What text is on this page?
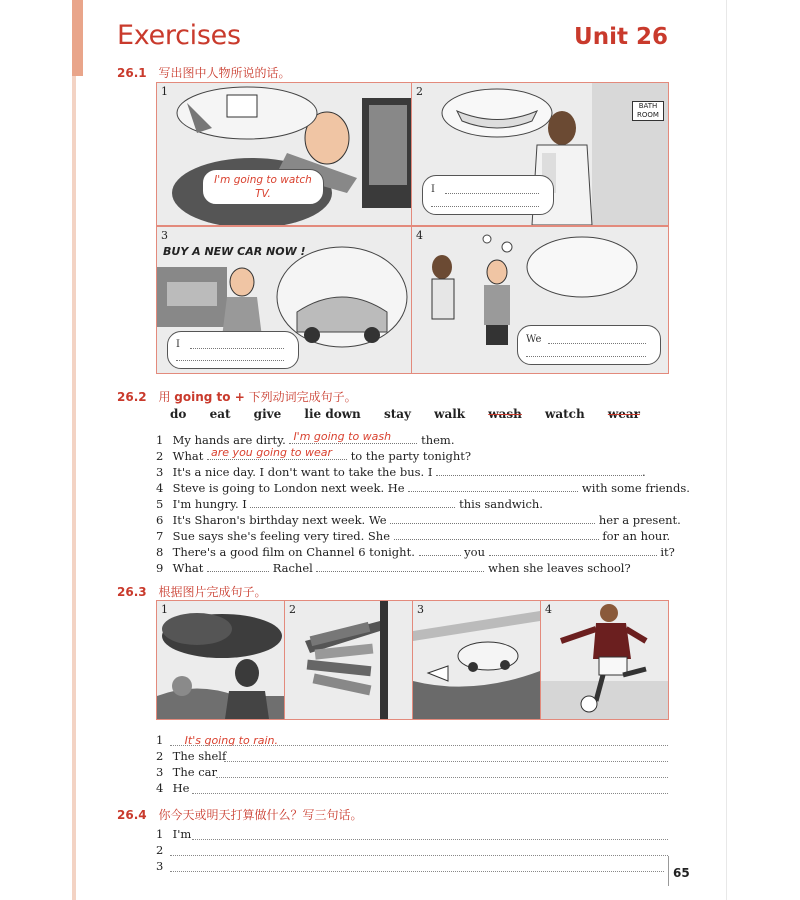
Exercises	Unit 26
26.1 写出图中人物所说的话。
1
I'm going to watch TV.
2
BATH ROOM
I
3
BUY A NEW CAR NOW !
I
4
We
26.2 用 going to + 下列动词完成句子。
do eat give lie down stay walk wash watch wear
1 My hands are dirty. I'm going to wash	them.
2 What are you going to wear to the party tonight?
3 It's a nice day. I don't want to take the bus. I	.
4 Steve is going to London next week. He	with some friends.
5 I'm hungry. I	this sandwich.
6 It's Sharon's birthday next week. We	her a present.
7 Sue says she's feeling very tired. She	for an hour.
8 There's a good film on Channel 6 tonight.	you	it?
9 What	Rachel	when she leaves school?
26.3 根据图片完成句子。
1	2	3	4
1 It's going to rain.
2 The shelf
3 The car
4 He
26.4 你今天或明天打算做什么？写三句话。
1 I'm
2
3	65
